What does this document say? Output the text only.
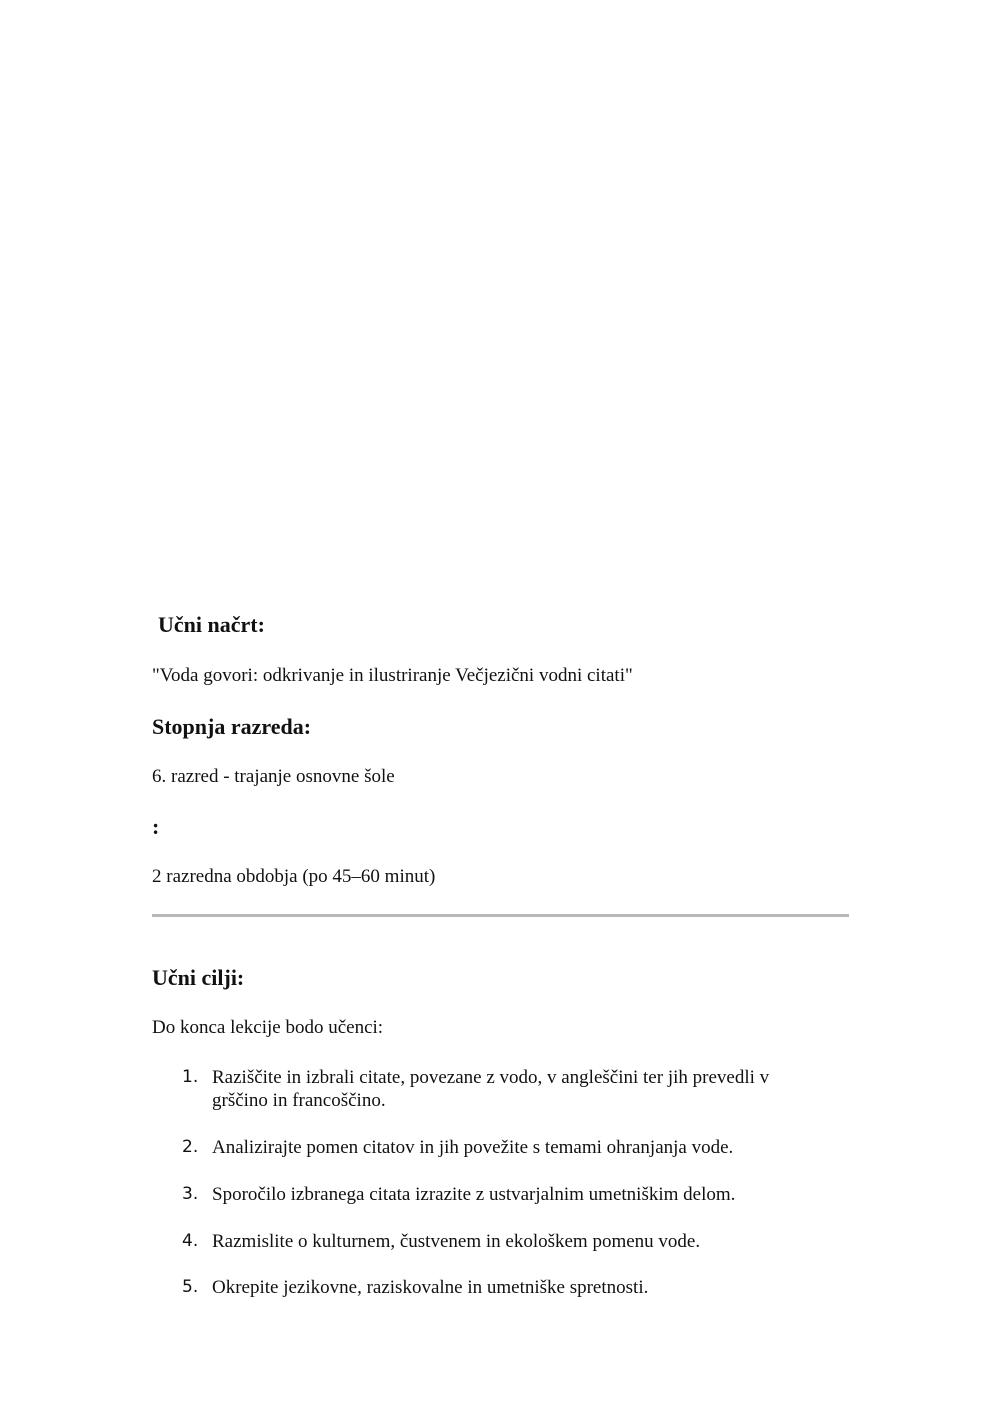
Učni načrt:
"Voda govori: odkrivanje in ilustriranje Večjezični vodni citati"
Stopnja razreda:
6. razred - trajanje osnovne šole
:
2 razredna obdobja (po 45–60 minut)
Učni cilji:
Do konca lekcije bodo učenci:
1. Raziščite in izbrali citate, povezane z vodo, v angleščini ter jih prevedli v grščino in francoščino.
2. Analizirajte pomen citatov in jih povežite s temami ohranjanja vode.
3. Sporočilo izbranega citata izrazite z ustvarjalnim umetniškim delom.
4. Razmislite o kulturnem, čustvenem in ekološkem pomenu vode.
5. Okrepite jezikovne, raziskovalne in umetniške spretnosti.
